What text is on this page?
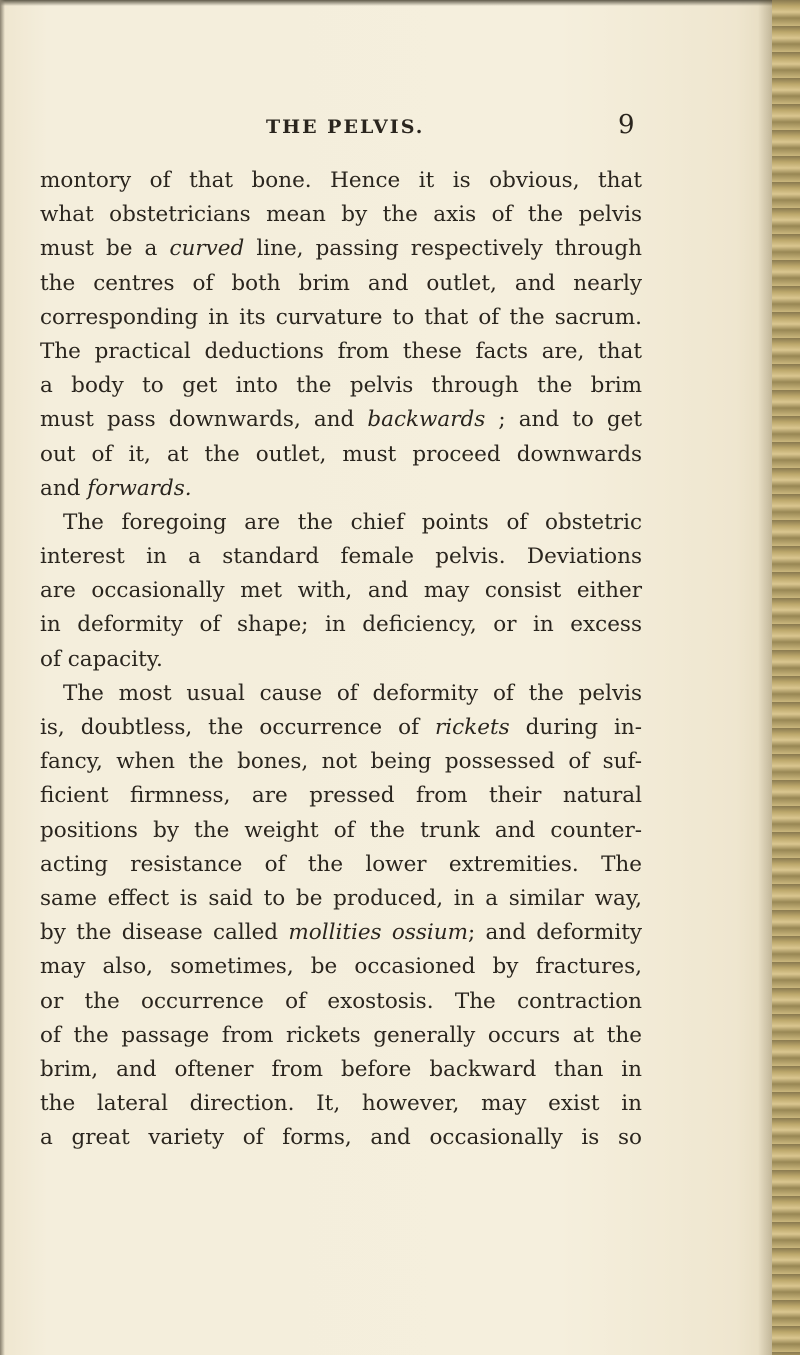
THE PELVIS.	9
montory of that bone. Hence it is obvious, that
what obstetricians mean by the axis of the pelvis
must be a curved line, passing respectively through
the centres of both brim and outlet, and nearly
corresponding in its curvature to that of the sacrum.
The practical deductions from these facts are, that
a body to get into the pelvis through the brim
must pass downwards, and backwards ; and to get
out of it, at the outlet, must proceed downwards
and forwards.
The foregoing are the chief points of obstetric
interest in a standard female pelvis. Deviations
are occasionally met with, and may consist either
in deformity of shape; in deficiency, or in excess
of capacity.
The most usual cause of deformity of the pelvis
is, doubtless, the occurrence of rickets during in-
fancy, when the bones, not being possessed of suf-
ficient firmness, are pressed from their natural
positions by the weight of the trunk and counter-
acting resistance of the lower extremities. The
same effect is said to be produced, in a similar way,
by the disease called mollities ossium; and deformity
may also, sometimes, be occasioned by fractures,
or the occurrence of exostosis. The contraction
of the passage from rickets generally occurs at the
brim, and oftener from before backward than in
the lateral direction. It, however, may exist in
a great variety of forms, and occasionally is so
